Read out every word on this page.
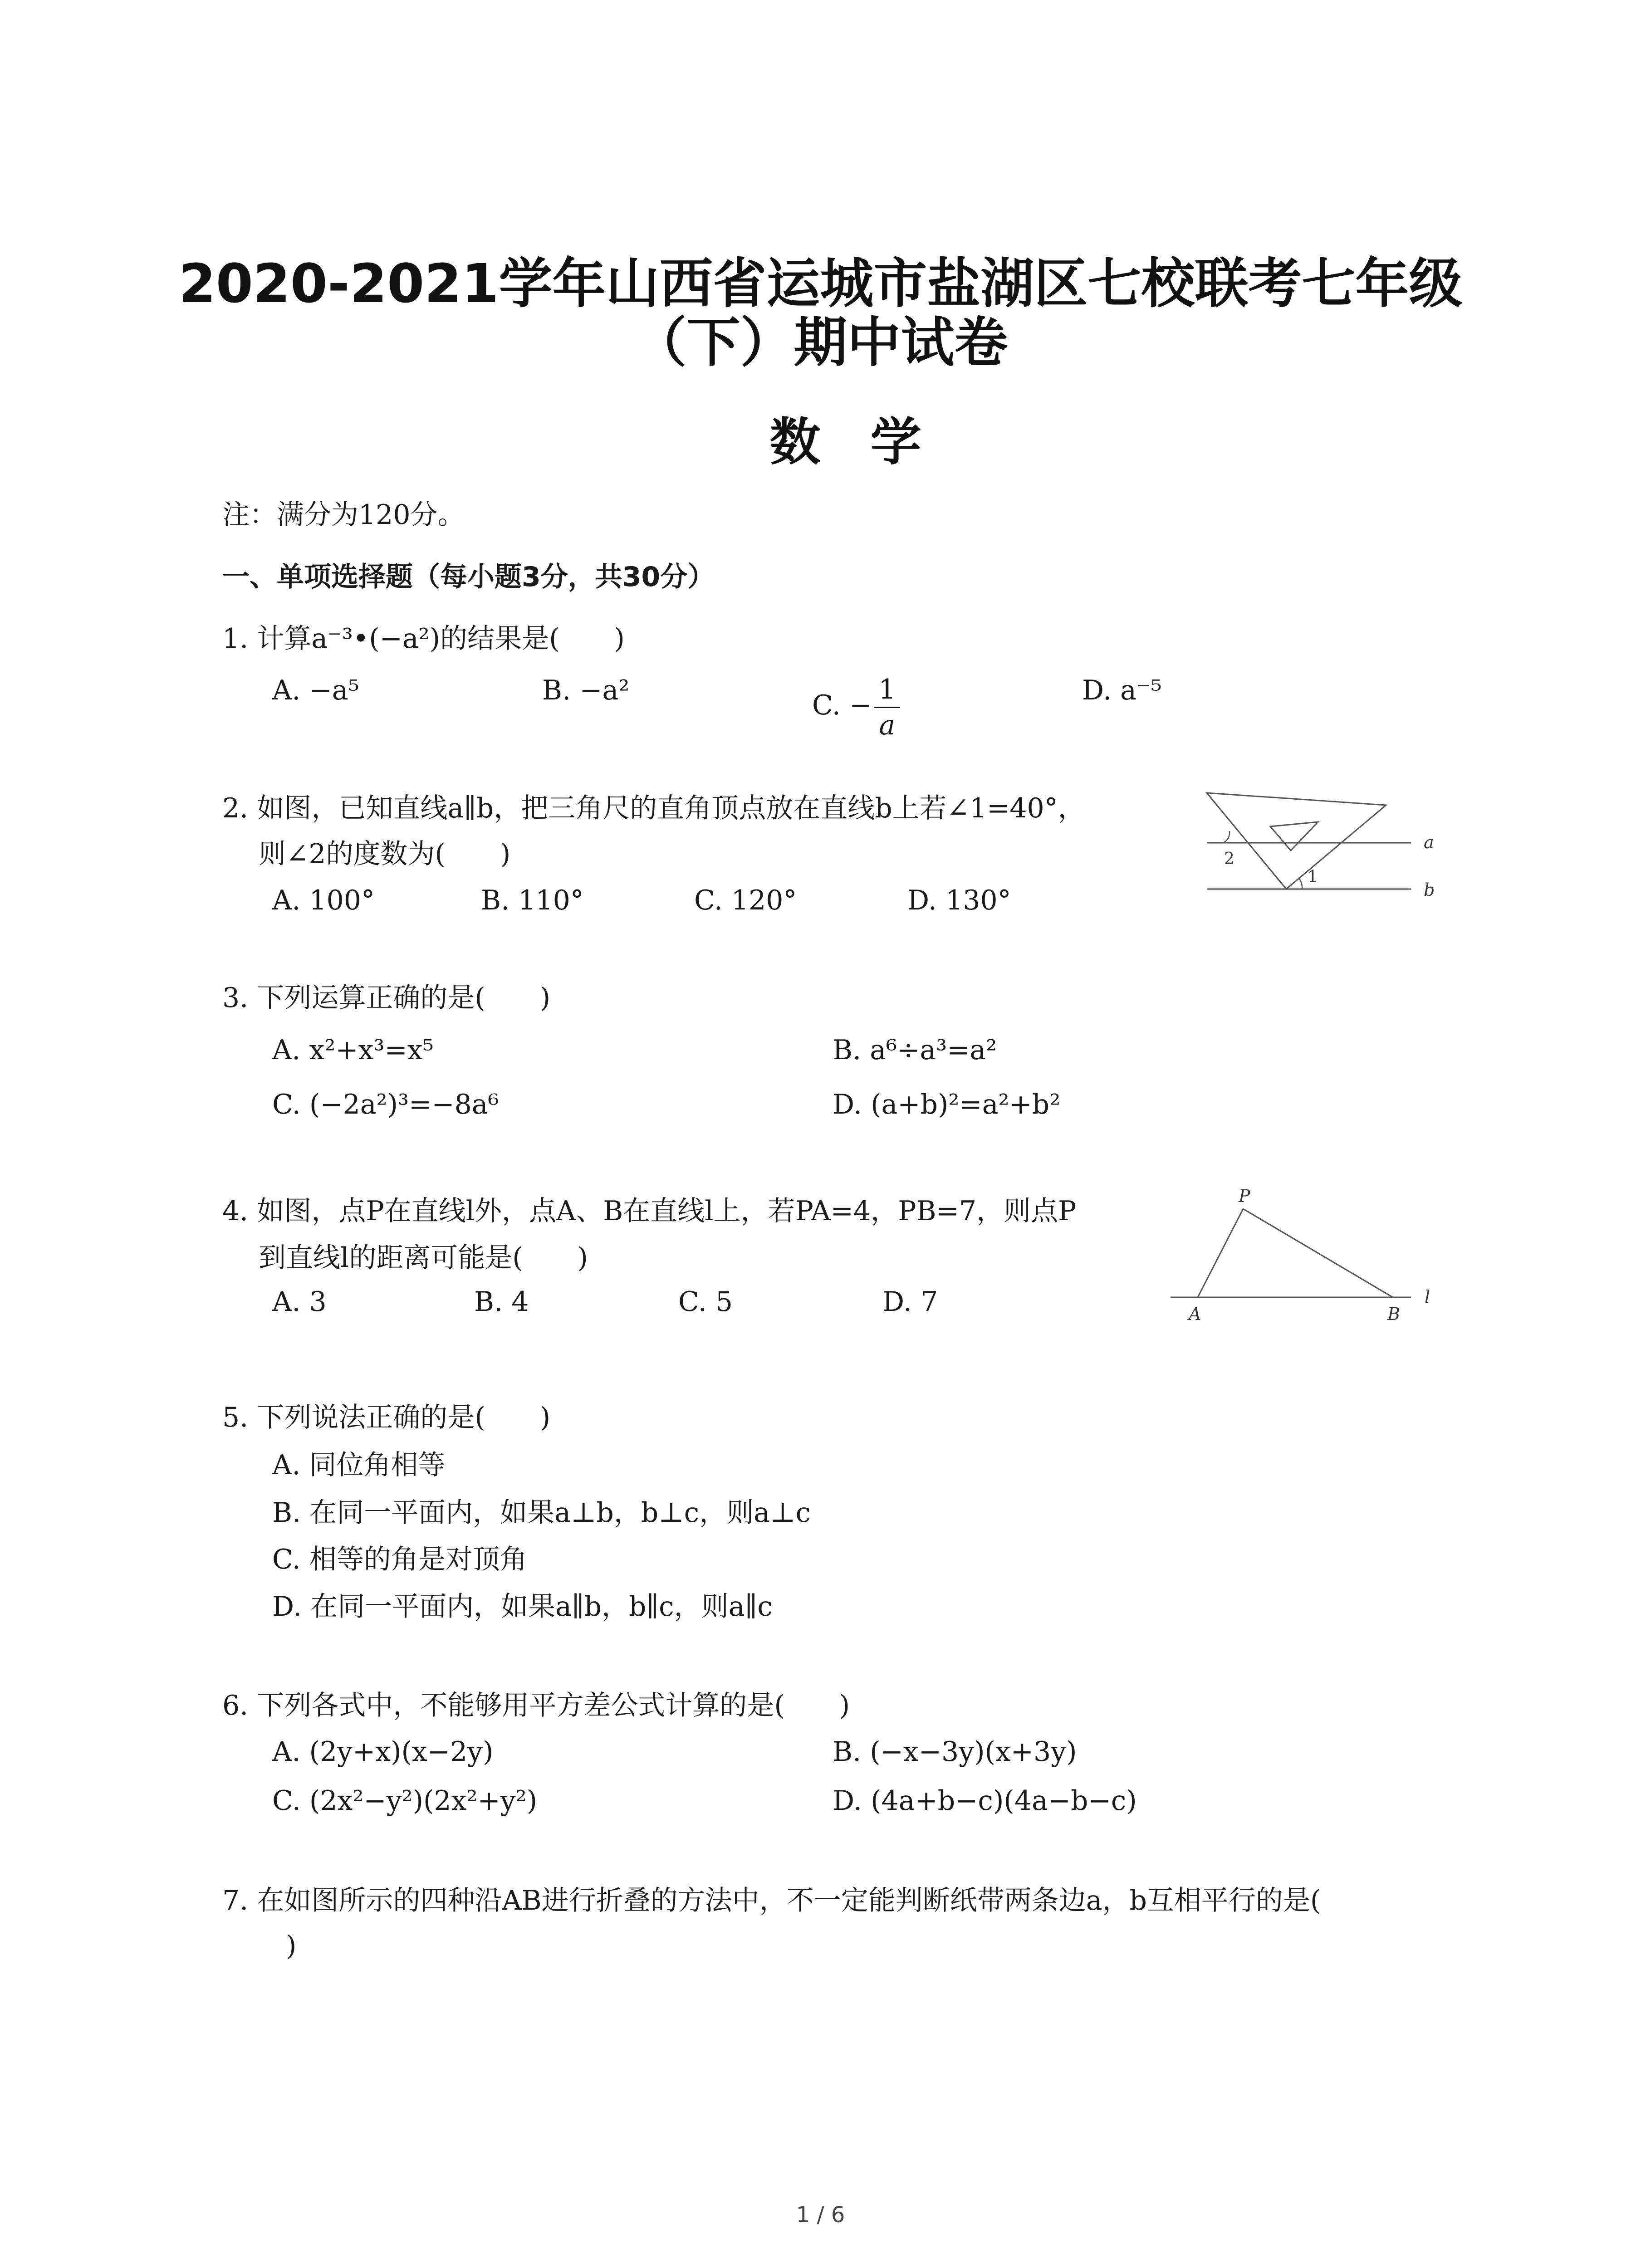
2020-2021学年山西省运城市盐湖区七校联考七年级
（下）期中试卷
数学
注：满分为120分。
一、单项选择题（每小题3分，共30分）
1. 计算a⁻³•(−a²)的结果是(　　)
A. −a⁵	B. −a²	C. − $\frac{1}{a}$	D. a⁻⁵
2. 如图，已知直线a∥b，把三角尺的直角顶点放在直线b上若∠1=40°，
则∠2的度数为(　　)
A. 100°	B. 110°	C. 120°	D. 130°
2
1
a
b
3. 下列运算正确的是(　　)
A. x²+x³=x⁵	B. a⁶÷a³=a²
C. (−2a²)³=−8a⁶	D. (a+b)²=a²+b²
4. 如图，点P在直线l外，点A、B在直线l上，若PA=4，PB=7，则点P
到直线l的距离可能是(　　)
A. 3	B. 4	C. 5	D. 7
P
A	B
l
5. 下列说法正确的是(　　)
A. 同位角相等
B. 在同一平面内，如果a⊥b，b⊥c，则a⊥c
C. 相等的角是对顶角
D. 在同一平面内，如果a∥b，b∥c，则a∥c
6. 下列各式中，不能够用平方差公式计算的是(　　)
A. (2y+x)(x−2y)	B. (−x−3y)(x+3y)
C. (2x²−y²)(2x²+y²)	D. (4a+b−c)(4a−b−c)
7. 在如图所示的四种沿AB进行折叠的方法中，不一定能判断纸带两条边a，b互相平行的是(
　)
1 / 6
